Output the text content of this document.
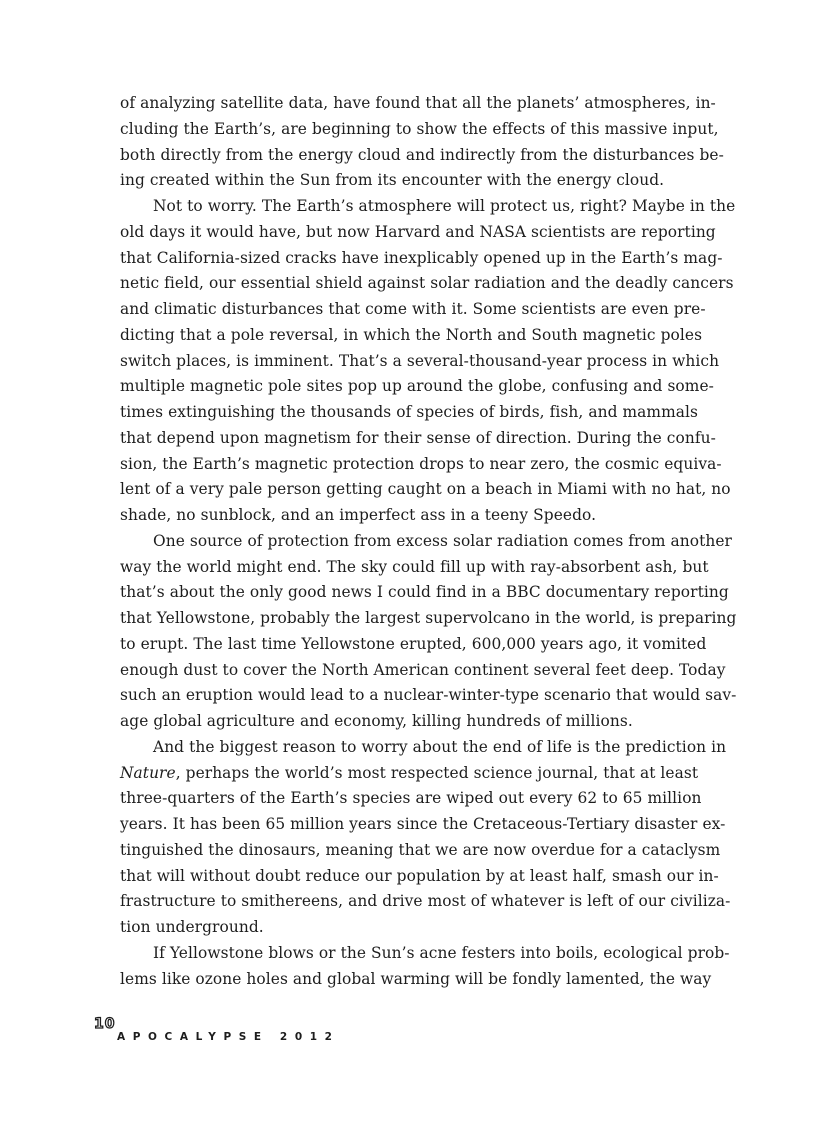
of analyzing satellite data, have found that all the planets’ atmospheres, in-
cluding the Earth’s, are beginning to show the effects of this massive input,
both directly from the energy cloud and indirectly from the disturbances be-
ing created within the Sun from its encounter with the energy cloud.
Not to worry. The Earth’s atmosphere will protect us, right? Maybe in the
old days it would have, but now Harvard and NASA scientists are reporting
that California-sized cracks have inexplicably opened up in the Earth’s mag-
netic field, our essential shield against solar radiation and the deadly cancers
and climatic disturbances that come with it. Some scientists are even pre-
dicting that a pole reversal, in which the North and South magnetic poles
switch places, is imminent. That’s a several-thousand-year process in which
multiple magnetic pole sites pop up around the globe, confusing and some-
times extinguishing the thousands of species of birds, fish, and mammals
that depend upon magnetism for their sense of direction. During the confu-
sion, the Earth’s magnetic protection drops to near zero, the cosmic equiva-
lent of a very pale person getting caught on a beach in Miami with no hat, no
shade, no sunblock, and an imperfect ass in a teeny Speedo.
One source of protection from excess solar radiation comes from another
way the world might end. The sky could fill up with ray-absorbent ash, but
that’s about the only good news I could find in a BBC documentary reporting
that Yellowstone, probably the largest supervolcano in the world, is preparing
to erupt. The last time Yellowstone erupted, 600,000 years ago, it vomited
enough dust to cover the North American continent several feet deep. Today
such an eruption would lead to a nuclear-winter-type scenario that would sav-
age global agriculture and economy, killing hundreds of millions.
And the biggest reason to worry about the end of life is the prediction in
Nature, perhaps the world’s most respected science journal, that at least
three-quarters of the Earth’s species are wiped out every 62 to 65 million
years. It has been 65 million years since the Cretaceous-Tertiary disaster ex-
tinguished the dinosaurs, meaning that we are now overdue for a cataclysm
that will without doubt reduce our population by at least half, smash our in-
frastructure to smithereens, and drive most of whatever is left of our civiliza-
tion underground.
If Yellowstone blows or the Sun’s acne festers into boils, ecological prob-
lems like ozone holes and global warming will be fondly lamented, the way
10
APOCALYPSE 2012
